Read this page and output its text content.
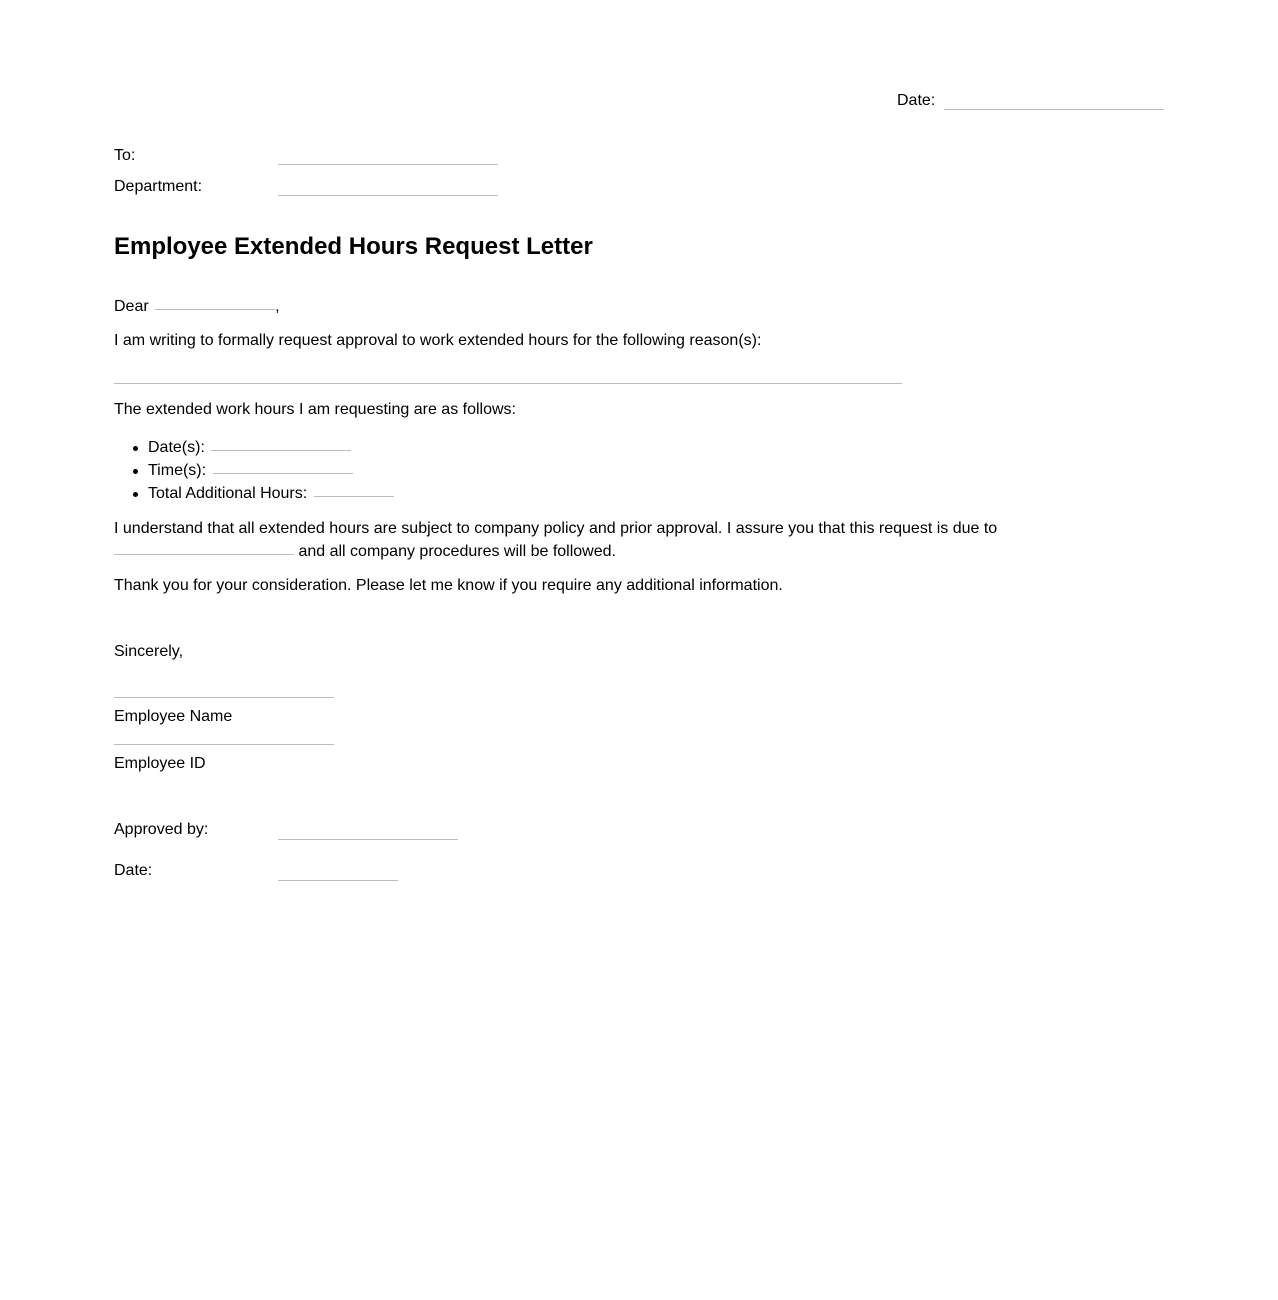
Date:
To:
Department:
Employee Extended Hours Request Letter
Dear	,
I am writing to formally request approval to work extended hours for the following reason(s):
The extended work hours I am requesting are as follows:
Date(s):
Time(s):
Total Additional Hours:
I understand that all extended hours are subject to company policy and prior approval. I assure you that this request is due to
and all company procedures will be followed.
Thank you for your consideration. Please let me know if you require any additional information.
Sincerely,
Employee Name
Employee ID
Approved by:
Date:
